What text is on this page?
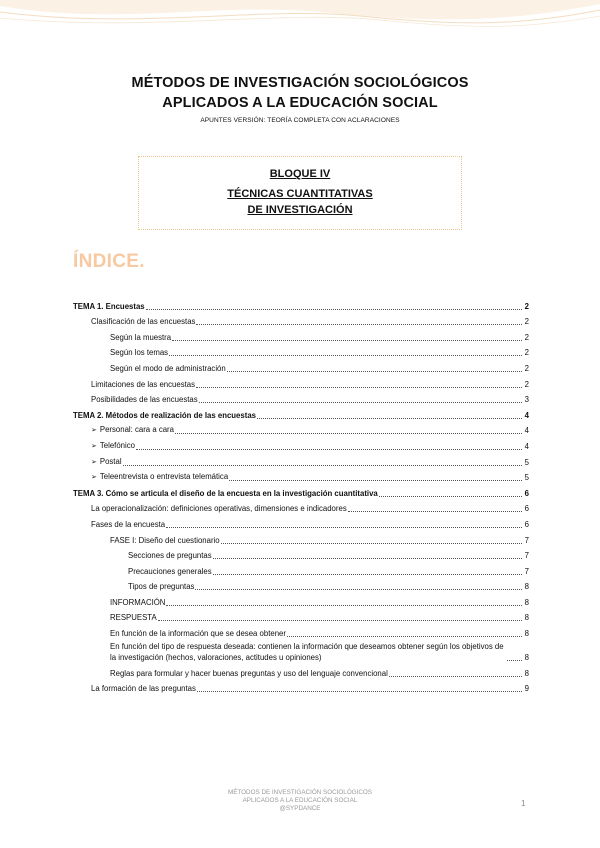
MÉTODOS DE INVESTIGACIÓN SOCIOLÓGICOS
APLICADOS A LA EDUCACIÓN SOCIAL
APUNTES VERSIÓN: TEORÍA COMPLETA CON ACLARACIONES
BLOQUE IV
TÉCNICAS CUANTITATIVAS
DE INVESTIGACIÓN
ÍNDICE.
TEMA 1. Encuestas	2
Clasificación de las encuestas	2
Según la muestra	2
Según los temas	2
Según el modo de administración	2
Limitaciones de las encuestas	2
Posibilidades de las encuestas	3
TEMA 2. Métodos de realización de las encuestas	4
➢ Personal: cara a cara	4
➢ Telefónico	4
➢ Postal	5
➢ Teleentrevista o entrevista telemática	5
TEMA 3. Cómo se articula el diseño de la encuesta en la investigación cuantitativa	6
La operacionalización: definiciones operativas, dimensiones e indicadores	6
Fases de la encuesta	6
FASE I: Diseño del cuestionario	7
Secciones de preguntas	7
Precauciones generales	7
Tipos de preguntas	8
INFORMACIÓN	8
RESPUESTA	8
En función de la información que se desea obtener	8
En función del tipo de respuesta deseada: contienen la información que deseamos obtener según los objetivos de la investigación (hechos, valoraciones, actitudes u opiniones)	8
Reglas para formular y hacer buenas preguntas y uso del lenguaje convencional	8
La formación de las preguntas	9
MÉTODOS DE INVESTIGACIÓN SOCIOLÓGICOS
APLICADOS A LA EDUCACIÓN SOCIAL
@SYPDANCE
1
